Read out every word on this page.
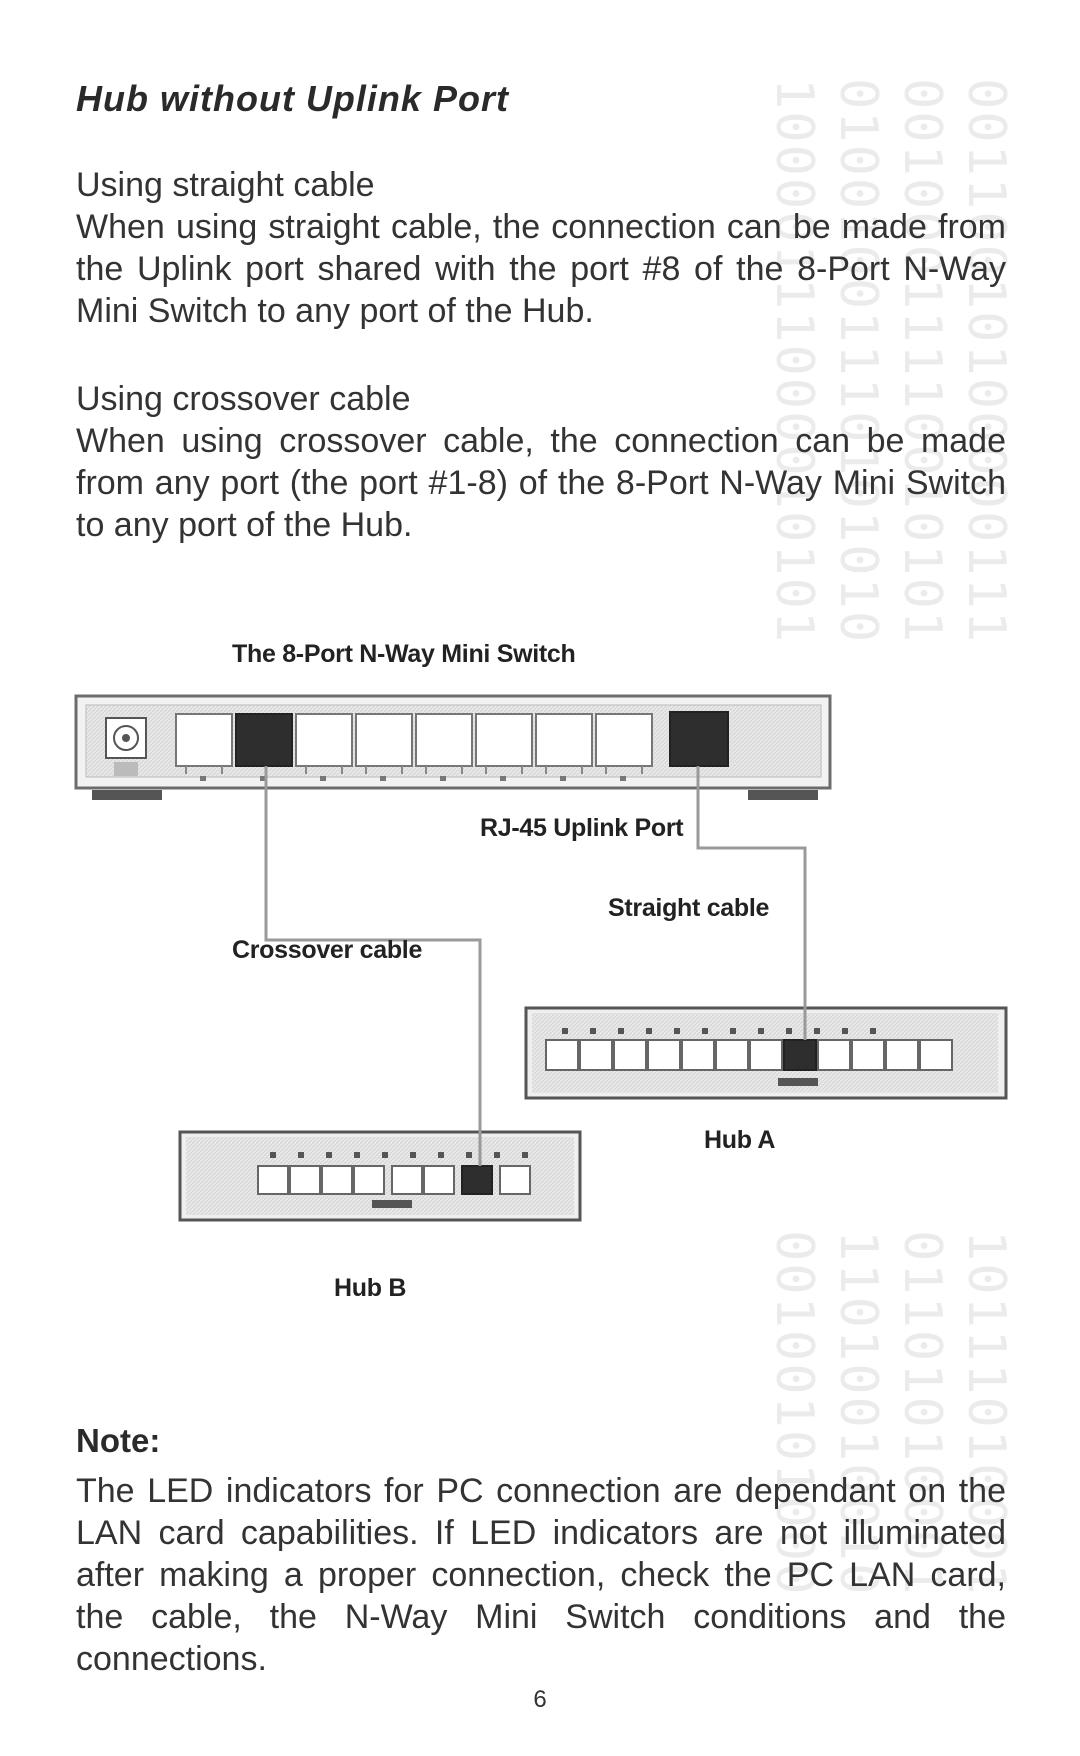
10000111000010101 01001001110101010 00100011110010101 00110010100000111
00100101000 11010010010 01101010001 10111010001
Hub without Uplink Port

Using straight cable

When using straight cable, the connection can be made from the Uplink port shared with the port #8 of the 8-Port N-Way Mini Switch to any port of the Hub.

Using crossover cable

When using crossover cable, the connection can be made from any port (the port #1-8) of the 8-Port N-Way Mini Switch to any port of the Hub.

The 8-Port N-Way Mini Switch
RJ-45 Uplink Port
Straight cable
Crossover cable
Hub A
Hub B
Note:

The LED indicators for PC connection are dependant on the LAN card capabilities. If LED indicators are not illuminated after making a proper connection, check the PC LAN card, the cable, the N-Way Mini Switch conditions and the connections.

6
